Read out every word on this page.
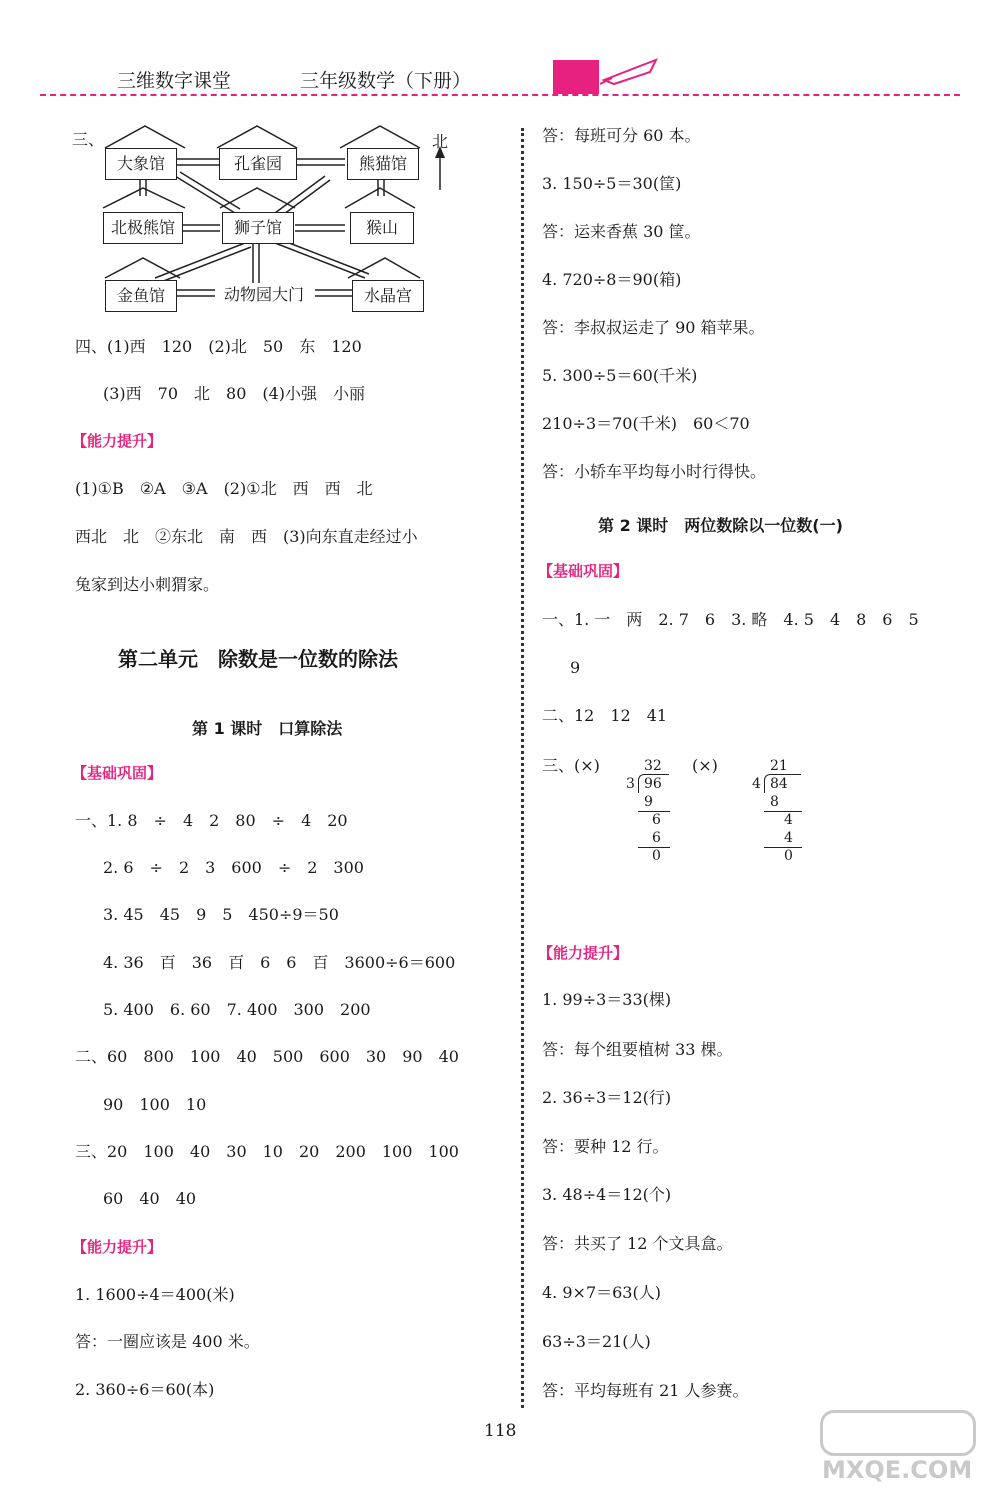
三维数字课堂	三年级数学（下册）
三、	北
大象馆	孔雀园	熊猫馆
北极熊馆	狮子馆	猴山
金鱼馆	动物园大门	水晶宫
四、(1)西　120　(2)北　50　东　120
(3)西　70　北　80　(4)小强　小丽
【能力提升】
(1)①B　②A　③A　(2)①北　西　西　北
西北　北　②东北　南　西　(3)向东直走经过小
兔家到达小刺猬家。
第二单元　除数是一位数的除法
第 1 课时　口算除法
【基础巩固】
一、1. 8　÷　4　2　80　÷　4　20
2. 6　÷　2　3　600　÷　2　300
3. 45　45　9　5　450÷9＝50
4. 36　百　36　百　6　6　百　3600÷6＝600
5. 400　6. 60　7. 400　300　200
二、60　800　100　40　500　600　30　90　40
90　100　10
三、20　100　40　30　10　20　200　100　100
60　40　40
【能力提升】
1. 1600÷4＝400(米)
答：一圈应该是 400 米。
2. 360÷6＝60(本)
答：每班可分 60 本。
3. 150÷5＝30(筐)
答：运来香蕉 30 筐。
4. 720÷8＝90(箱)
答：李叔叔运走了 90 箱苹果。
5. 300÷5＝60(千米)
210÷3＝70(千米)　60＜70
答：小轿车平均每小时行得快。
第 2 课时　两位数除以一位数(一)
【基础巩固】
一、1. 一　两　2. 7　6　3. 略　4. 5　4　8　6　5
9
二、12　12　41
三、(×)	(×)
32
3 96
9
6
6
0
21
4 84
8
4
4
0
【能力提升】
1. 99÷3＝33(棵)
答：每个组要植树 33 棵。
2. 36÷3＝12(行)
答：要种 12 行。
3. 48÷4＝12(个)
答：共买了 12 个文具盒。
4. 9×7＝63(人)
63÷3＝21(人)
答：平均每班有 21 人参赛。
118
MXQE.COM
